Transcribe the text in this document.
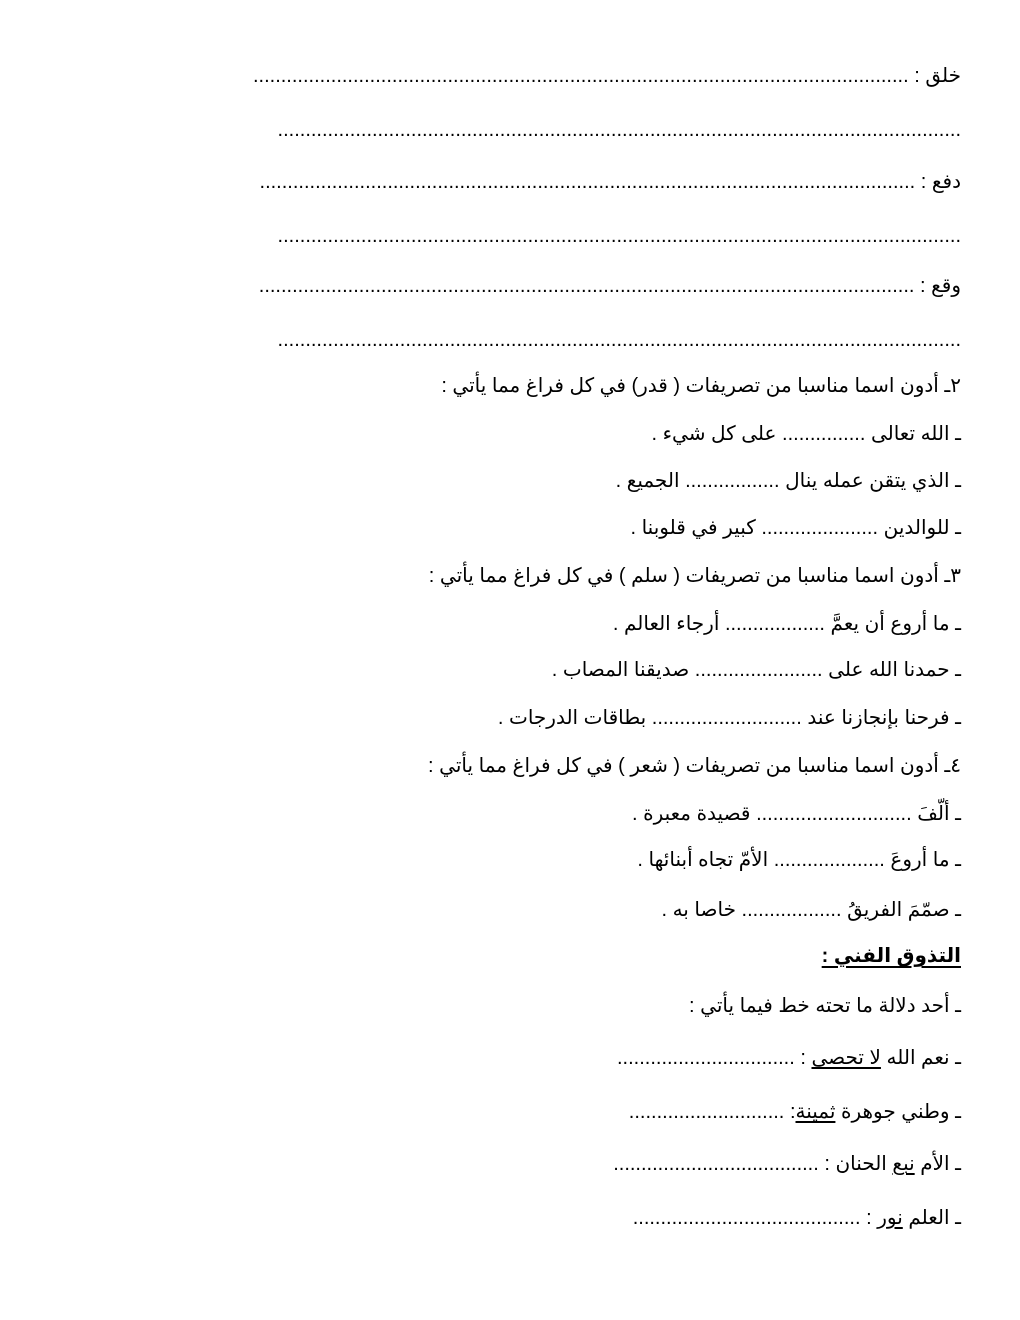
خلق : ......................................................................................................................
...........................................................................................................................
دفع : ......................................................................................................................
...........................................................................................................................
وقع : ......................................................................................................................
...........................................................................................................................
٢ـ أدون اسما مناسبا من تصريفات ( قدر) في كل فراغ مما يأتي :
ـ الله تعالى ............... على كل شيء .
ـ الذي يتقن عمله ينال ................. الجميع .
ـ للوالدين ..................... كبير في قلوبنا .
٣ـ أدون اسما مناسبا من تصريفات ( سلم ) في كل فراغ مما يأتي :
ـ ما أروع أن يعمَّ .................. أرجاء العالم .
ـ حمدنا الله على ....................... صديقنا المصاب .
ـ فرحنا بإنجازنا عند ........................... بطاقات الدرجات .
٤ـ أدون اسما مناسبا من تصريفات ( شعر ) في كل فراغ مما يأتي :
ـ ألّفَ ............................ قصيدة معبرة .
ـ ما أروعَ .................... الأمّ تجاه أبنائها .
ـ صمّمَ الفريقُ .................. خاصا به .
التذوق الفني :
ـ أحد دلالة ما تحته خط فيما يأتي :
ـ نعم الله لا تحصى : ................................
ـ وطني جوهرة ثمينة: ............................
ـ الأم نبع الحنان : .....................................
ـ العلم نور : .........................................
